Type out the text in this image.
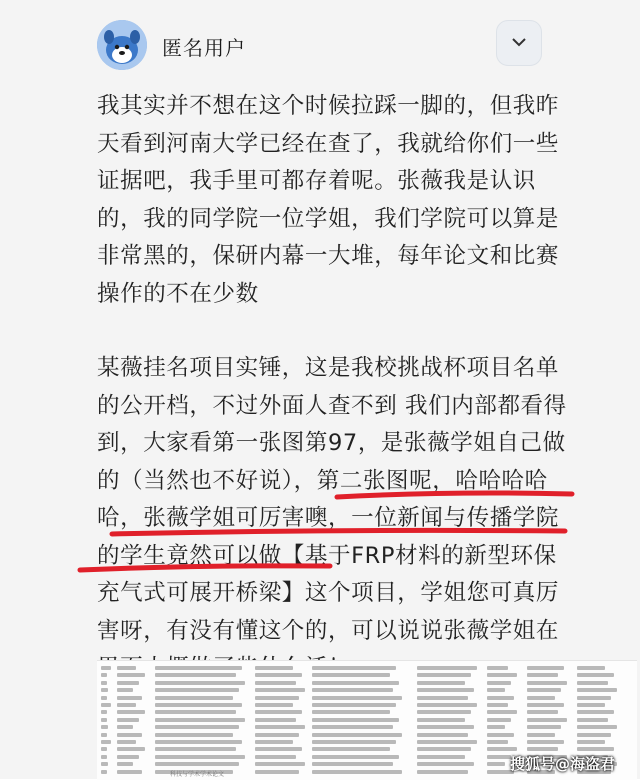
匿名用户

我其实并不想在这个时候拉踩一脚的，但我昨天看到河南大学已经在查了，我就给你们一些证据吧，我手里可都存着呢。张薇我是认识的，我的同学院一位学姐，我们学院可以算是非常黑的，保研内幕一大堆，每年论文和比赛操作的不在少数

某薇挂名项目实锤，这是我校挑战杯项目名单的公开档，不过外面人查不到 我们内部都看得到，大家看第一张图第97，是张薇学姐自己做的（当然也不好说），第二张图呢，哈哈哈哈哈，张薇学姐可厉害噢，一位新闻与传播学院的学生竟然可以做【基于FRP材料的新型环保充气式可展开桥梁】这个项目，学姐您可真厉害呀，有没有懂这个的，可以说说张薇学姐在

科技与学术学术论文
搜狐号@海盗君
